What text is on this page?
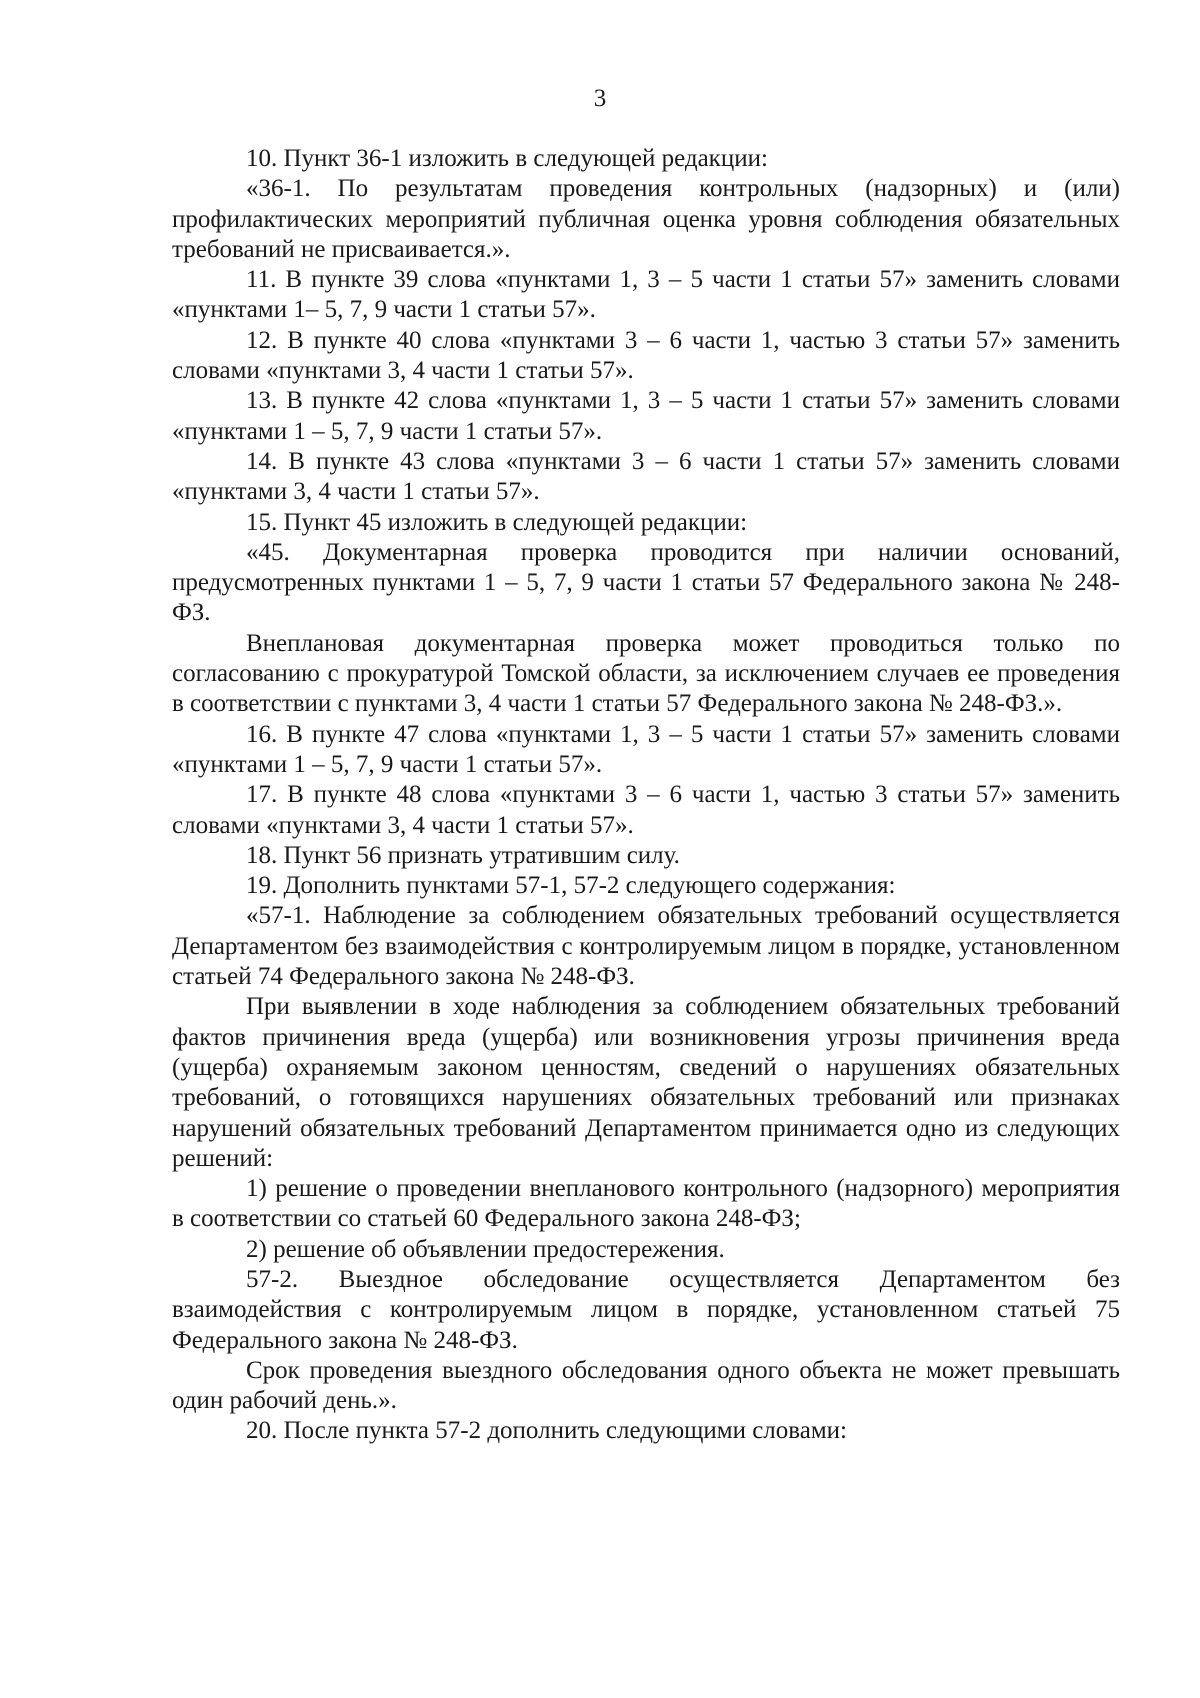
3

10. Пункт 36-1 изложить в следующей редакции:

«36-1. По результатам проведения контрольных (надзорных) и (или) профилактических мероприятий публичная оценка уровня соблюдения обязательных требований не присваивается.».

11. В пункте 39 слова «пунктами 1, 3 – 5 части 1 статьи 57» заменить словами «пунктами 1– 5, 7, 9 части 1 статьи 57».

12. В пункте 40 слова «пунктами 3 – 6 части 1, частью 3 статьи 57» заменить словами «пунктами 3, 4 части 1 статьи 57».

13. В пункте 42 слова «пунктами 1, 3 – 5 части 1 статьи 57» заменить словами «пунктами 1 – 5, 7, 9 части 1 статьи 57».

14. В пункте 43 слова «пунктами 3 – 6 части 1 статьи 57» заменить словами «пунктами 3, 4 части 1 статьи 57».

15. Пункт 45 изложить в следующей редакции:

«45. Документарная проверка проводится при наличии оснований, предусмотренных пунктами 1 – 5, 7, 9 части 1 статьи 57 Федерального закона № 248-ФЗ.

Внеплановая документарная проверка может проводиться только по согласованию с прокуратурой Томской области, за исключением случаев ее проведения в соответствии с пунктами 3, 4 части 1 статьи 57 Федерального закона № 248-ФЗ.».

16. В пункте 47 слова «пунктами 1, 3 – 5 части 1 статьи 57» заменить словами «пунктами 1 – 5, 7, 9 части 1 статьи 57».

17. В пункте 48 слова «пунктами 3 – 6 части 1, частью 3 статьи 57» заменить словами «пунктами 3, 4 части 1 статьи 57».

18. Пункт 56 признать утратившим силу.

19. Дополнить пунктами 57-1, 57-2 следующего содержания:

«57-1. Наблюдение за соблюдением обязательных требований осуществляется Департаментом без взаимодействия с контролируемым лицом в порядке, установленном статьей 74 Федерального закона № 248-ФЗ.

При выявлении в ходе наблюдения за соблюдением обязательных требований фактов причинения вреда (ущерба) или возникновения угрозы причинения вреда (ущерба) охраняемым законом ценностям, сведений о нарушениях обязательных требований, о готовящихся нарушениях обязательных требований или признаках нарушений обязательных требований Департаментом принимается одно из следующих решений:

1) решение о проведении внепланового контрольного (надзорного) мероприятия в соответствии со статьей 60 Федерального закона 248-ФЗ;

2) решение об объявлении предостережения.

57-2. Выездное обследование осуществляется Департаментом без взаимодействия с контролируемым лицом в порядке, установленном статьей 75 Федерального закона № 248-ФЗ.

Срок проведения выездного обследования одного объекта не может превышать один рабочий день.».

20. После пункта 57-2 дополнить следующими словами:
